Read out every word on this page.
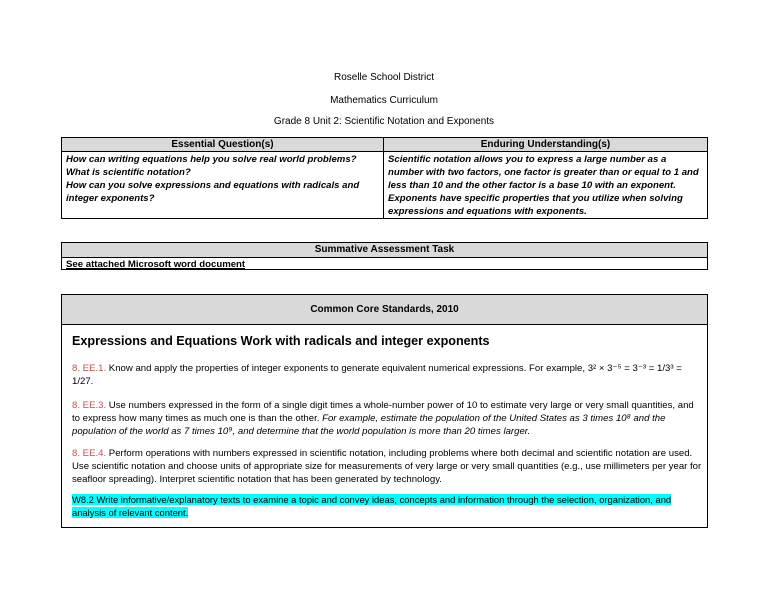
Roselle School District
Mathematics Curriculum
Grade 8 Unit 2: Scientific Notation and Exponents
Essential Question(s)
How can writing equations help you solve real world problems?
What is scientific notation?
How can you solve expressions and equations with radicals and integer exponents?
Enduring Understanding(s)
Scientific notation allows you to express a large number as a number with two factors, one factor is greater than or equal to 1 and less than 10 and the other factor is a base 10 with an exponent. Exponents have specific properties that you utilize when solving expressions and equations with exponents.
Summative Assessment Task
See attached Microsoft word document
Common Core Standards, 2010
Expressions and Equations Work with radicals and integer exponents
8. EE.1. Know and apply the properties of integer exponents to generate equivalent numerical expressions. For example, 3² × 3⁻⁵ = 3⁻³ = 1/3³ = 1/27.
8. EE.3. Use numbers expressed in the form of a single digit times a whole-number power of 10 to estimate very large or very small quantities, and to express how many times as much one is than the other. For example, estimate the population of the United States as 3 times 10⁸ and the population of the world as 7 times 10⁹, and determine that the world population is more than 20 times larger.
8. EE.4. Perform operations with numbers expressed in scientific notation, including problems where both decimal and scientific notation are used. Use scientific notation and choose units of appropriate size for measurements of very large or very small quantities (e.g., use millimeters per year for seafloor spreading). Interpret scientific notation that has been generated by technology.
W8.2 Write informative/explanatory texts to examine a topic and convey ideas, concepts and information through the selection, organization, and analysis of relevant content.
